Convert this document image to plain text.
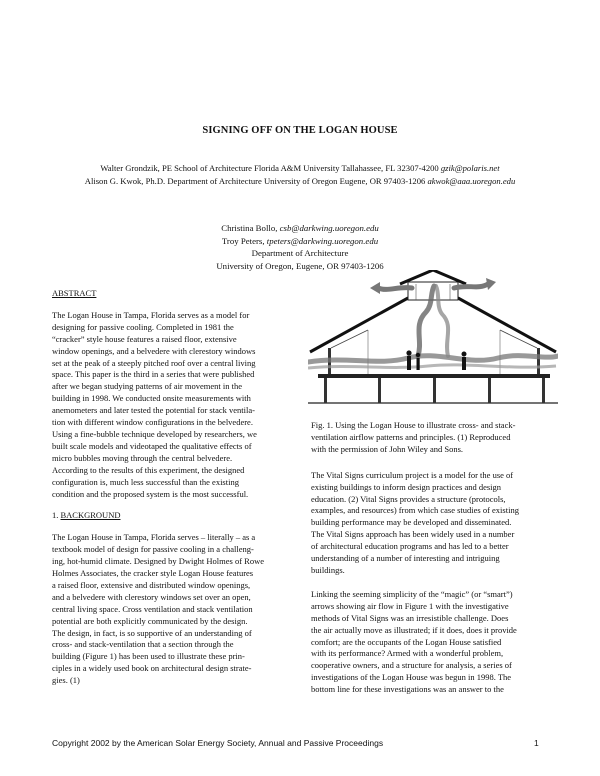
SIGNING OFF ON THE LOGAN HOUSE
Walter Grondzik, PE School of Architecture Florida A&M University Tallahassee, FL 32307-4200 gzik@polaris.net
Alison G. Kwok, Ph.D. Department of Architecture University of Oregon Eugene, OR 97403-1206 akwok@aaa.uoregon.edu
Christina Bollo, csb@darkwing.uoregon.edu
Troy Peters, tpeters@darkwing.uoregon.edu
Department of Architecture
University of Oregon, Eugene, OR 97403-1206

ABSTRACT

The Logan House in Tampa, Florida serves as a model for

designing for passive cooling. Completed in 1981 the

“cracker” style house features a raised floor, extensive

window openings, and a belvedere with clerestory windows

set at the peak of a steeply pitched roof over a central living

space. This paper is the third in a series that were published

after we began studying patterns of air movement in the

building in 1998. We conducted onsite measurements with

anemometers and later tested the potential for stack ventila-

tion with different window configurations in the belvedere.

Using a fine-bubble technique developed by researchers, we

built scale models and videotaped the qualitative effects of

micro bubbles moving through the central belvedere.

According to the results of this experiment, the designed

configuration is, much less successful than the existing

condition and the proposed system is the most successful.

1. BACKGROUND

The Logan House in Tampa, Florida serves – literally – as a

textbook model of design for passive cooling in a challeng-

ing, hot-humid climate. Designed by Dwight Holmes of Rowe

Holmes Associates, the cracker style Logan House features

a raised floor, extensive and distributed window openings,

and a belvedere with clerestory windows set over an open,

central living space. Cross ventilation and stack ventilation

potential are both explicitly communicated by the design.

The design, in fact, is so supportive of an understanding of

cross- and stack-ventilation that a section through the

building (Figure 1) has been used to illustrate these prin-

ciples in a widely used book on architectural design strate-

gies. (1)

Fig. 1. Using the Logan House to illustrate cross- and stack-

ventilation airflow patterns and principles. (1) Reproduced

with the permission of John Wiley and Sons.

The Vital Signs curriculum project is a model for the use of

existing buildings to inform design practices and design

education. (2) Vital Signs provides a structure (protocols,

examples, and resources) from which case studies of existing

building performance may be developed and disseminated.

The Vital Signs approach has been widely used in a number

of architectural education programs and has led to a better

understanding of a number of interesting and intriguing

buildings.

Linking the seeming simplicity of the “magic” (or “smart”)

arrows showing air flow in Figure 1 with the investigative

methods of Vital Signs was an irresistible challenge. Does

the air actually move as illustrated; if it does, does it provide

comfort; are the occupants of the Logan House satisfied

with its performance? Armed with a wonderful problem,

cooperative owners, and a structure for analysis, a series of

investigations of the Logan House was begun in 1998. The

bottom line for these investigations was an answer to the

Copyright 2002 by the American Solar Energy Society, Annual and Passive Proceedings	1
